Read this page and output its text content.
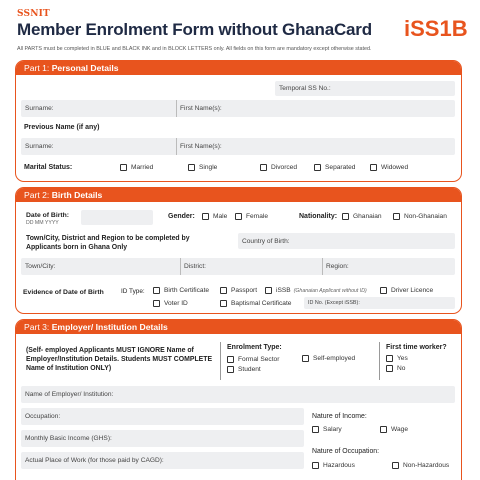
SSNIT
Member Enrolment Form without GhanaCard iSS1B
All PARTS must be completed in BLUE and BLACK INK and in BLOCK LETTERS only. All fields on this form are mandatory except otherwise stated.
Part 1: Personal Details
Temporal SS No.:
Surname:	First Name(s):
Previous Name (if any)
Surname:	First Name(s):
Marital Status:	Married	Single	Divorced	Separated	Widowed
Part 2: Birth Details
Date of Birth:
DD MM YYYY
Gender:	Male	Female	Nationality: Ghanaian	Non-Ghanaian
Town/City, District and Region to be completed by Applicants born in Ghana Only
Country of Birth:
Town/City:	District:	Region:
Evidence of Date of Birth	ID Type:	Birth Certificate	Passport	iSSB (Ghanaian Applicant without ID)	Driver Licence
Voter ID	Baptismal Certificate	ID No. (Except iSSB):
Part 3: Employer/ Institution Details
(Self- employed Applicants MUST IGNORE Name of Employer/Institution Details. Students MUST COMPLETE Name of Institution ONLY)
Enrolment Type:
Formal Sector	Self-employed
Student
First time worker?
Yes
No
Name of Employer/ Institution:
Occupation:
Monthly Basic Income (GHS):
Actual Place of Work (for those paid by CAGD):
Nature of Income:
Salary	Wage
Nature of Occupation:
Hazardous	Non-Hazardous
